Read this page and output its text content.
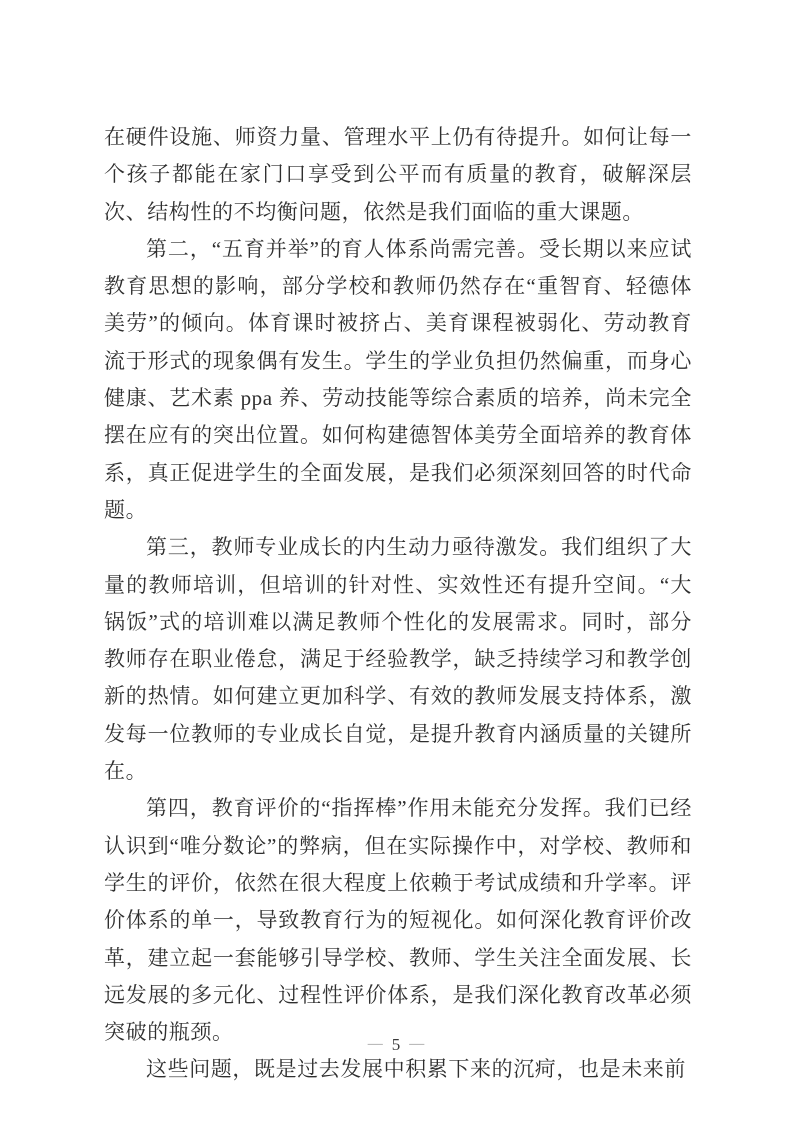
在硬件设施、师资力量、管理水平上仍有待提升。如何让每一个孩子都能在家门口享受到公平而有质量的教育，破解深层次、结构性的不均衡问题，依然是我们面临的重大课题。

第二，“五育并举”的育人体系尚需完善。受长期以来应试教育思想的影响，部分学校和教师仍然存在“重智育、轻德体美劳”的倾向。体育课时被挤占、美育课程被弱化、劳动教育流于形式的现象偶有发生。学生的学业负担仍然偏重，而身心健康、艺术素 ppa 养、劳动技能等综合素质的培养，尚未完全摆在应有的突出位置。如何构建德智体美劳全面培养的教育体系，真正促进学生的全面发展，是我们必须深刻回答的时代命题。

第三，教师专业成长的内生动力亟待激发。我们组织了大量的教师培训，但培训的针对性、实效性还有提升空间。“大锅饭”式的培训难以满足教师个性化的发展需求。同时，部分教师存在职业倦怠，满足于经验教学，缺乏持续学习和教学创新的热情。如何建立更加科学、有效的教师发展支持体系，激发每一位教师的专业成长自觉，是提升教育内涵质量的关键所在。

第四，教育评价的“指挥棒”作用未能充分发挥。我们已经认识到“唯分数论”的弊病，但在实际操作中，对学校、教师和学生的评价，依然在很大程度上依赖于考试成绩和升学率。评价体系的单一，导致教育行为的短视化。如何深化教育评价改革，建立起一套能够引导学校、教师、学生关注全面发展、长远发展的多元化、过程性评价体系，是我们深化教育改革必须突破的瓶颈。

这些问题，既是过去发展中积累下来的沉疴，也是未来前

— 5 —
